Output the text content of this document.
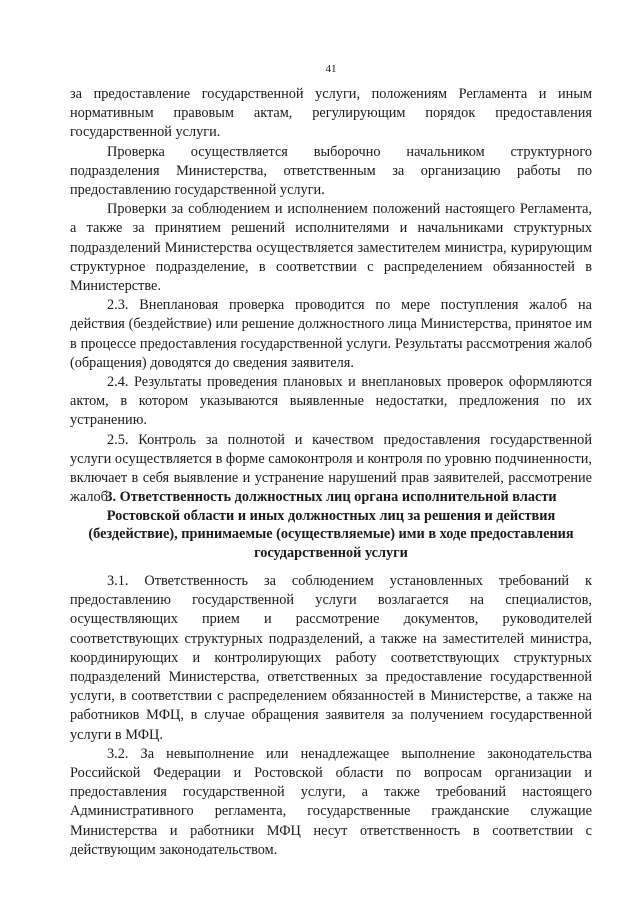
41

за предоставление государственной услуги, положениям Регламента и иным нормативным правовым актам, регулирующим порядок предоставления государственной услуги.

Проверка осуществляется выборочно начальником структурного подразделения Министерства, ответственным за организацию работы по предоставлению государственной услуги.

Проверки за соблюдением и исполнением положений настоящего Регламента, а также за принятием решений исполнителями и начальниками структурных подразделений Министерства осуществляется заместителем министра, курирующим структурное подразделение, в соответствии с распределением обязанностей в Министерстве.

2.3. Внеплановая проверка проводится по мере поступления жалоб на действия (бездействие) или решение должностного лица Министерства, принятое им в процессе предоставления государственной услуги. Результаты рассмотрения жалоб (обращения) доводятся до сведения заявителя.

2.4. Результаты проведения плановых и внеплановых проверок оформляются актом, в котором указываются выявленные недостатки, предложения по их устранению.

2.5. Контроль за полнотой и качеством предоставления государственной услуги осуществляется в форме самоконтроля и контроля по уровню подчиненности, включает в себя выявление и устранение нарушений прав заявителей, рассмотрение жалоб.

3. Ответственность должностных лиц органа исполнительной власти Ростовской области и иных должностных лиц за решения и действия (бездействие), принимаемые (осуществляемые) ими в ходе предоставления государственной услуги

3.1. Ответственность за соблюдением установленных требований к предоставлению государственной услуги возлагается на специалистов, осуществляющих прием и рассмотрение документов, руководителей соответствующих структурных подразделений, а также на заместителей министра, координирующих и контролирующих работу соответствующих структурных подразделений Министерства, ответственных за предоставление государственной услуги, в соответствии с распределением обязанностей в Министерстве, а также на работников МФЦ, в случае обращения заявителя за получением государственной услуги в МФЦ.

3.2. За невыполнение или ненадлежащее выполнение законодательства Российской Федерации и Ростовской области по вопросам организации и предоставления государственной услуги, а также требований настоящего Административного регламента, государственные гражданские служащие Министерства и работники МФЦ несут ответственность в соответствии с действующим законодательством.
